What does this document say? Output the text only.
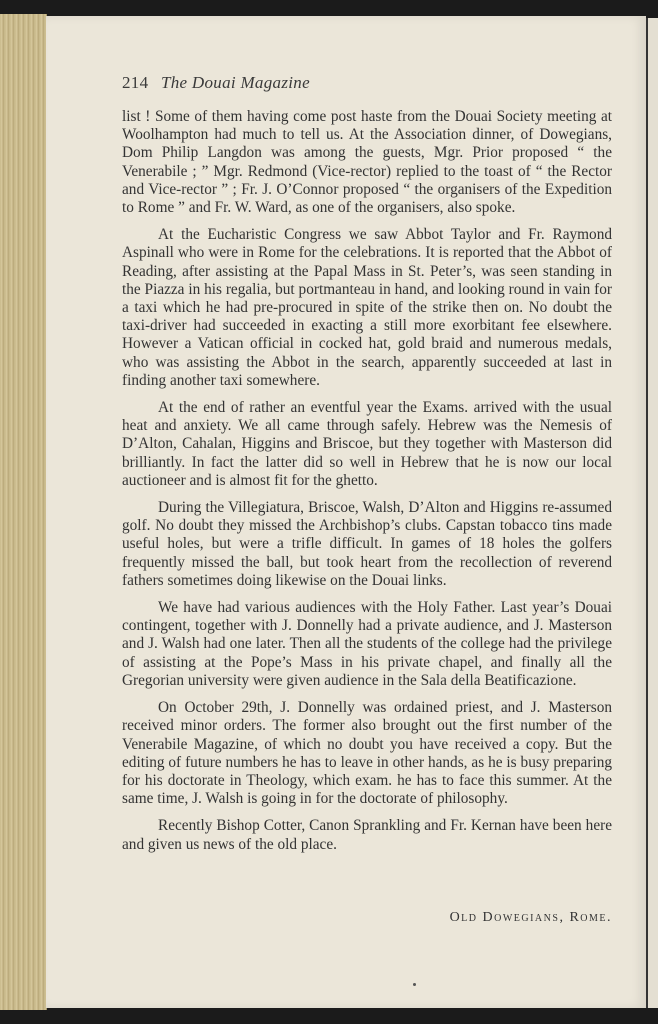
214 The Douai Magazine

list ! Some of them having come post haste from the Douai Society meeting at Woolhampton had much to tell us. At the Association dinner, of Dowegians, Dom Philip Langdon was among the guests, Mgr. Prior proposed “ the Venerabile ; ” Mgr. Redmond (Vice-rector) replied to the toast of “ the Rector and Vice-rector ” ; Fr. J. O’Connor proposed “ the organisers of the Expedition to Rome ” and Fr. W. Ward, as one of the organisers, also spoke.

At the Eucharistic Congress we saw Abbot Taylor and Fr. Raymond Aspinall who were in Rome for the celebrations. It is reported that the Abbot of Reading, after assisting at the Papal Mass in St. Peter’s, was seen standing in the Piazza in his regalia, but portmanteau in hand, and looking round in vain for a taxi which he had pre-procured in spite of the strike then on. No doubt the taxi-driver had succeeded in exacting a still more exorbitant fee elsewhere. However a Vatican official in cocked hat, gold braid and numerous medals, who was assisting the Abbot in the search, apparently succeeded at last in finding another taxi somewhere.

At the end of rather an eventful year the Exams. arrived with the usual heat and anxiety. We all came through safely. Hebrew was the Nemesis of D’Alton, Cahalan, Higgins and Briscoe, but they together with Masterson did brilliantly. In fact the latter did so well in Hebrew that he is now our local auctioneer and is almost fit for the ghetto.

During the Villegiatura, Briscoe, Walsh, D’Alton and Higgins re-assumed golf. No doubt they missed the Archbishop’s clubs. Capstan tobacco tins made useful holes, but were a trifle difficult. In games of 18 holes the golfers frequently missed the ball, but took heart from the recollection of reverend fathers sometimes doing likewise on the Douai links.

We have had various audiences with the Holy Father. Last year’s Douai contingent, together with J. Donnelly had a private audience, and J. Masterson and J. Walsh had one later. Then all the students of the college had the privilege of assisting at the Pope’s Mass in his private chapel, and finally all the Gregorian university were given audience in the Sala della Beatificazione.

On October 29th, J. Donnelly was ordained priest, and J. Masterson received minor orders. The former also brought out the first number of the Venerabile Magazine, of which no doubt you have received a copy. But the editing of future numbers he has to leave in other hands, as he is busy preparing for his doctorate in Theology, which exam. he has to face this summer. At the same time, J. Walsh is going in for the doctorate of philosophy.

Recently Bishop Cotter, Canon Sprankling and Fr. Kernan have been here and given us news of the old place.

Old Dowegians, Rome.
